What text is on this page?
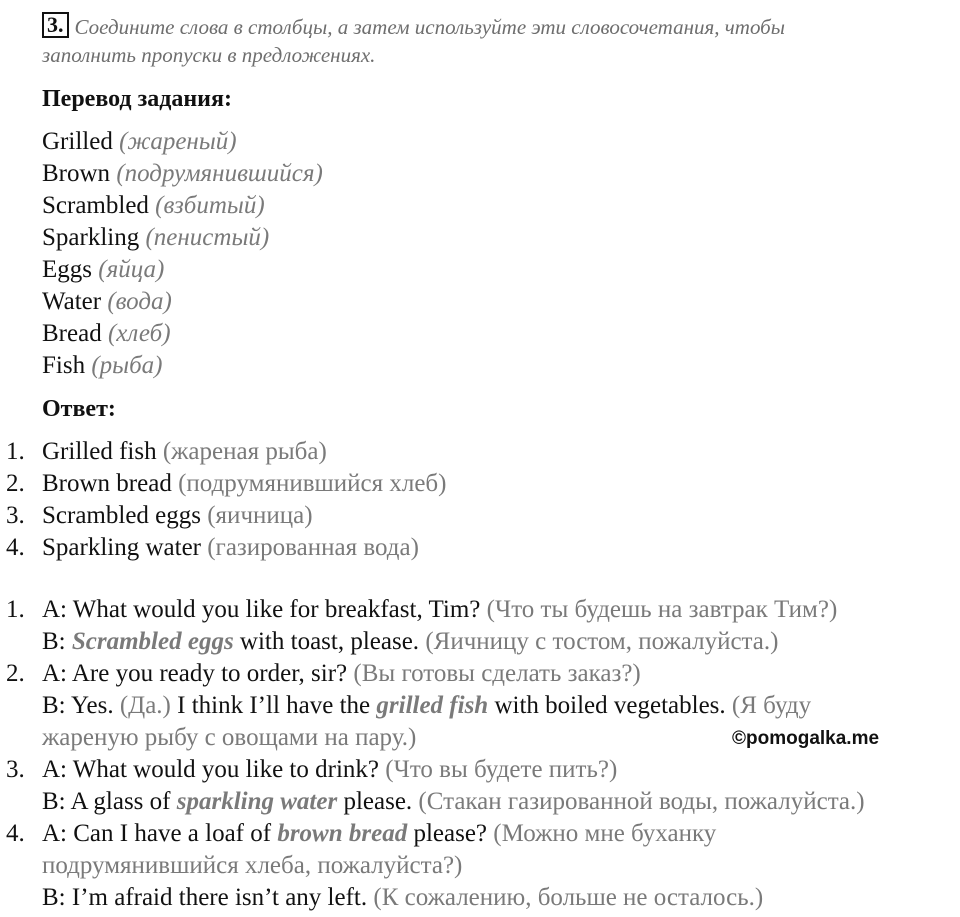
3. Соедините слова в столбцы, а затем используйте эти словосочетания, чтобы
заполнить пропуски в предложениях.
Перевод задания:
Grilled (жареный)
Brown (подрумянившийся)
Scrambled (взбитый)
Sparkling (пенистый)
Eggs (яйца)
Water (вода)
Bread (хлеб)
Fish (рыба)
Ответ:
1. Grilled fish (жареная рыба)
2. Brown bread (подрумянившийся хлеб)
3. Scrambled eggs (яичница)
4. Sparkling water (газированная вода)
1. A: What would you like for breakfast, Tim? (Что ты будешь на завтрак Тим?)
B: Scrambled eggs with toast, please. (Яичницу с тостом, пожалуйста.)
2. A: Are you ready to order, sir? (Вы готовы сделать заказ?)
B: Yes. (Да.) I think I’ll have the grilled fish with boiled vegetables. (Я буду
жареную рыбу с овощами на пару.)	©pomogalka.me
3. A: What would you like to drink? (Что вы будете пить?)
B: A glass of sparkling water please. (Стакан газированной воды, пожалуйста.)
4. A: Can I have a loaf of brown bread please? (Можно мне буханку
подрумянившийся хлеба, пожалуйста?)
B: I’m afraid there isn’t any left. (К сожалению, больше не осталось.)
